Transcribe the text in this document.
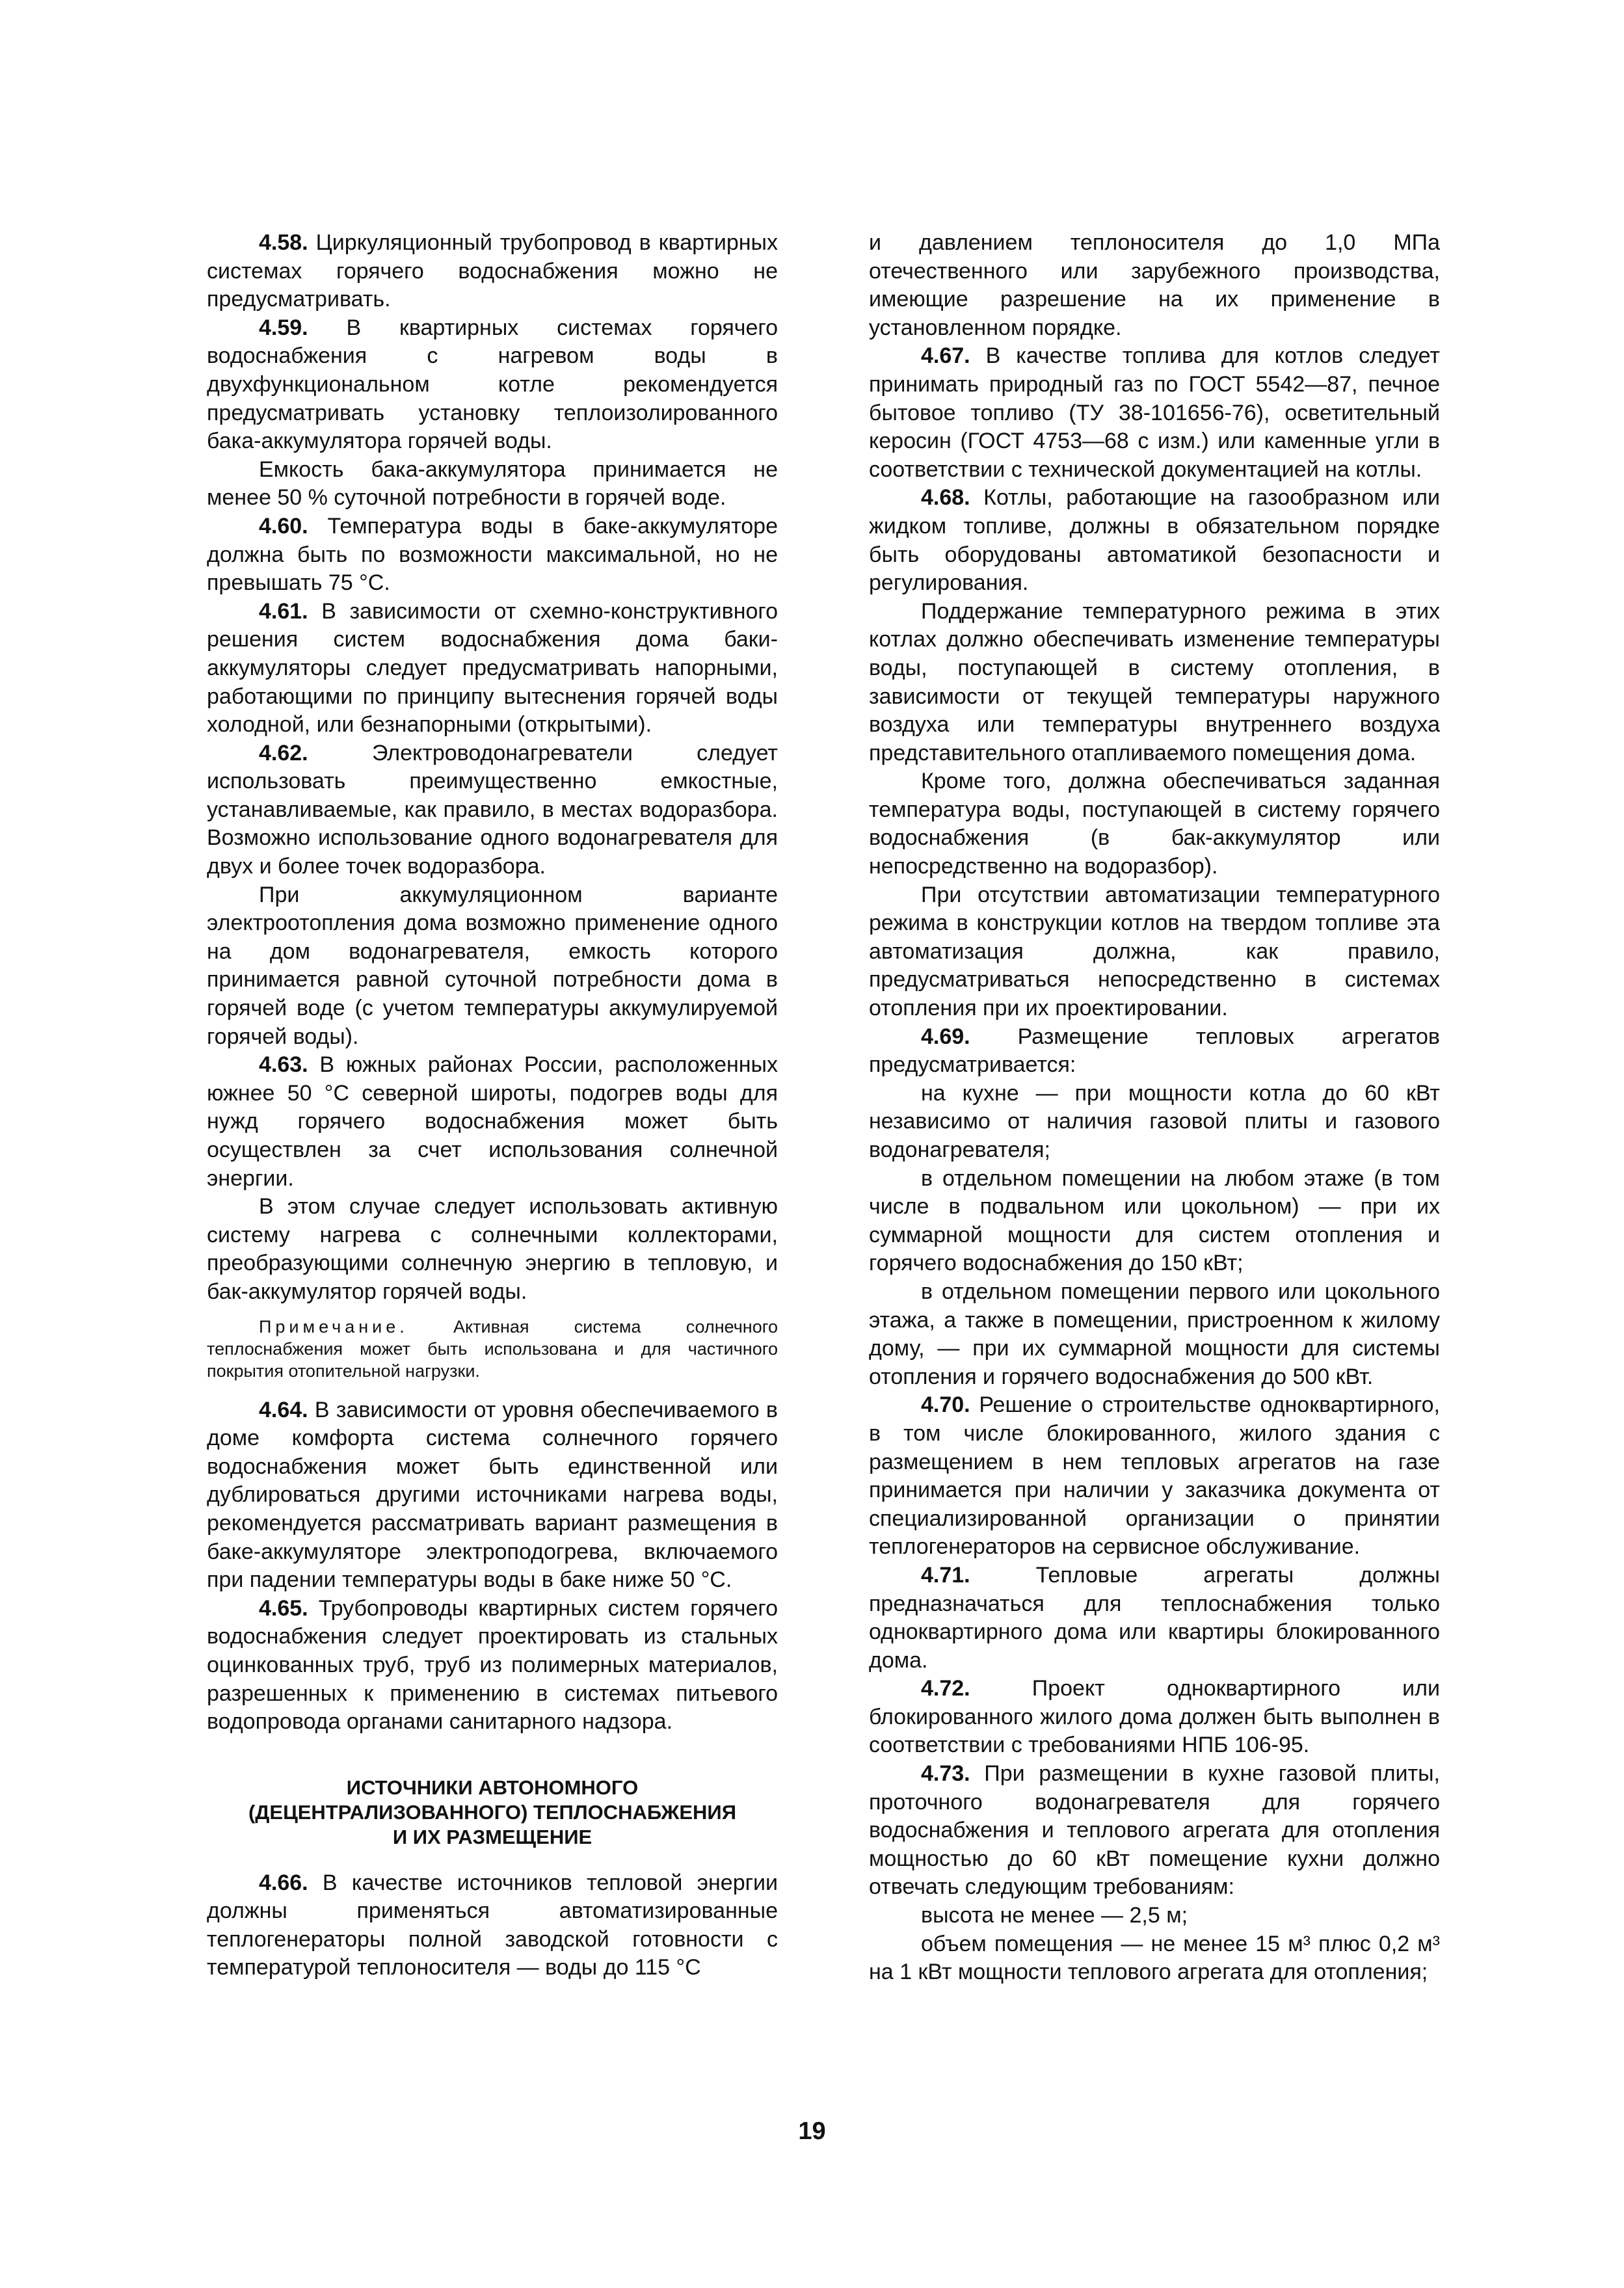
4.58. Циркуляционный трубопровод в квартирных системах горячего водоснабжения можно не предусматривать.

4.59. В квартирных системах горячего водоснабжения с нагревом воды в двухфункциональном котле рекомендуется предусматривать установку теплоизолированного бака-аккумулятора горячей воды.

Емкость бака-аккумулятора принимается не менее 50 % суточной потребности в горячей воде.

4.60. Температура воды в баке-аккумуляторе должна быть по возможности максимальной, но не превышать 75 °С.

4.61. В зависимости от схемно-конструктивного решения систем водоснабжения дома баки-аккумуляторы следует предусматривать напорными, работающими по принципу вытеснения горячей воды холодной, или безнапорными (открытыми).

4.62. Электроводонагреватели следует использовать преимущественно емкостные, устанавливаемые, как правило, в местах водоразбора. Возможно использование одного водонагревателя для двух и более точек водоразбора.

При аккумуляционном варианте электроотопления дома возможно применение одного на дом водонагревателя, емкость которого принимается равной суточной потребности дома в горячей воде (с учетом температуры аккумулируемой горячей воды).

4.63. В южных районах России, расположенных южнее 50 °С северной широты, подогрев воды для нужд горячего водоснабжения может быть осуществлен за счет использования солнечной энергии.

В этом случае следует использовать активную систему нагрева с солнечными коллекторами, преобразующими солнечную энергию в тепловую, и бак-аккумулятор горячей воды.

Примечание. Активная система солнечного теплоснабжения может быть использована и для частичного покрытия отопительной нагрузки.

4.64. В зависимости от уровня обеспечиваемого в доме комфорта система солнечного горячего водоснабжения может быть единственной или дублироваться другими источниками нагрева воды, рекомендуется рассматривать вариант размещения в баке-аккумуляторе электроподогрева, включаемого при падении температуры воды в баке ниже 50 °С.

4.65. Трубопроводы квартирных систем горячего водоснабжения следует проектировать из стальных оцинкованных труб, труб из полимерных материалов, разрешенных к применению в системах питьевого водопровода органами санитарного надзора.

ИСТОЧНИКИ АВТОНОМНОГО
(ДЕЦЕНТРАЛИЗОВАННОГО) ТЕПЛОСНАБЖЕНИЯ
И ИХ РАЗМЕЩЕНИЕ

4.66. В качестве источников тепловой энергии должны применяться автоматизированные теплогенераторы полной заводской готовности с температурой теплоносителя — воды до 115 °С

и давлением теплоносителя до 1,0 МПа отечественного или зарубежного производства, имеющие разрешение на их применение в установленном порядке.

4.67. В качестве топлива для котлов следует принимать природный газ по ГОСТ 5542—87, печное бытовое топливо (ТУ 38-101656-76), осветительный керосин (ГОСТ 4753—68 с изм.) или каменные угли в соответствии с технической документацией на котлы.

4.68. Котлы, работающие на газообразном или жидком топливе, должны в обязательном порядке быть оборудованы автоматикой безопасности и регулирования.

Поддержание температурного режима в этих котлах должно обеспечивать изменение температуры воды, поступающей в систему отопления, в зависимости от текущей температуры наружного воздуха или температуры внутреннего воздуха представительного отапливаемого помещения дома.

Кроме того, должна обеспечиваться заданная температура воды, поступающей в систему горячего водоснабжения (в бак-аккумулятор или непосредственно на водоразбор).

При отсутствии автоматизации температурного режима в конструкции котлов на твердом топливе эта автоматизация должна, как правило, предусматриваться непосредственно в системах отопления при их проектировании.

4.69. Размещение тепловых агрегатов предусматривается:

на кухне — при мощности котла до 60 кВт независимо от наличия газовой плиты и газового водонагревателя;

в отдельном помещении на любом этаже (в том числе в подвальном или цокольном) — при их суммарной мощности для систем отопления и горячего водоснабжения до 150 кВт;

в отдельном помещении первого или цокольного этажа, а также в помещении, пристроенном к жилому дому, — при их суммарной мощности для системы отопления и горячего водоснабжения до 500 кВт.

4.70. Решение о строительстве одноквартирного, в том числе блокированного, жилого здания с размещением в нем тепловых агрегатов на газе принимается при наличии у заказчика документа от специализированной организации о принятии теплогенераторов на сервисное обслуживание.

4.71. Тепловые агрегаты должны предназначаться для теплоснабжения только одноквартирного дома или квартиры блокированного дома.

4.72. Проект одноквартирного или блокированного жилого дома должен быть выполнен в соответствии с требованиями НПБ 106-95.

4.73. При размещении в кухне газовой плиты, проточного водонагревателя для горячего водоснабжения и теплового агрегата для отопления мощностью до 60 кВт помещение кухни должно отвечать следующим требованиям:

высота не менее — 2,5 м;

объем помещения — не менее 15 м³ плюс 0,2 м³ на 1 кВт мощности теплового агрегата для отопления;

19
